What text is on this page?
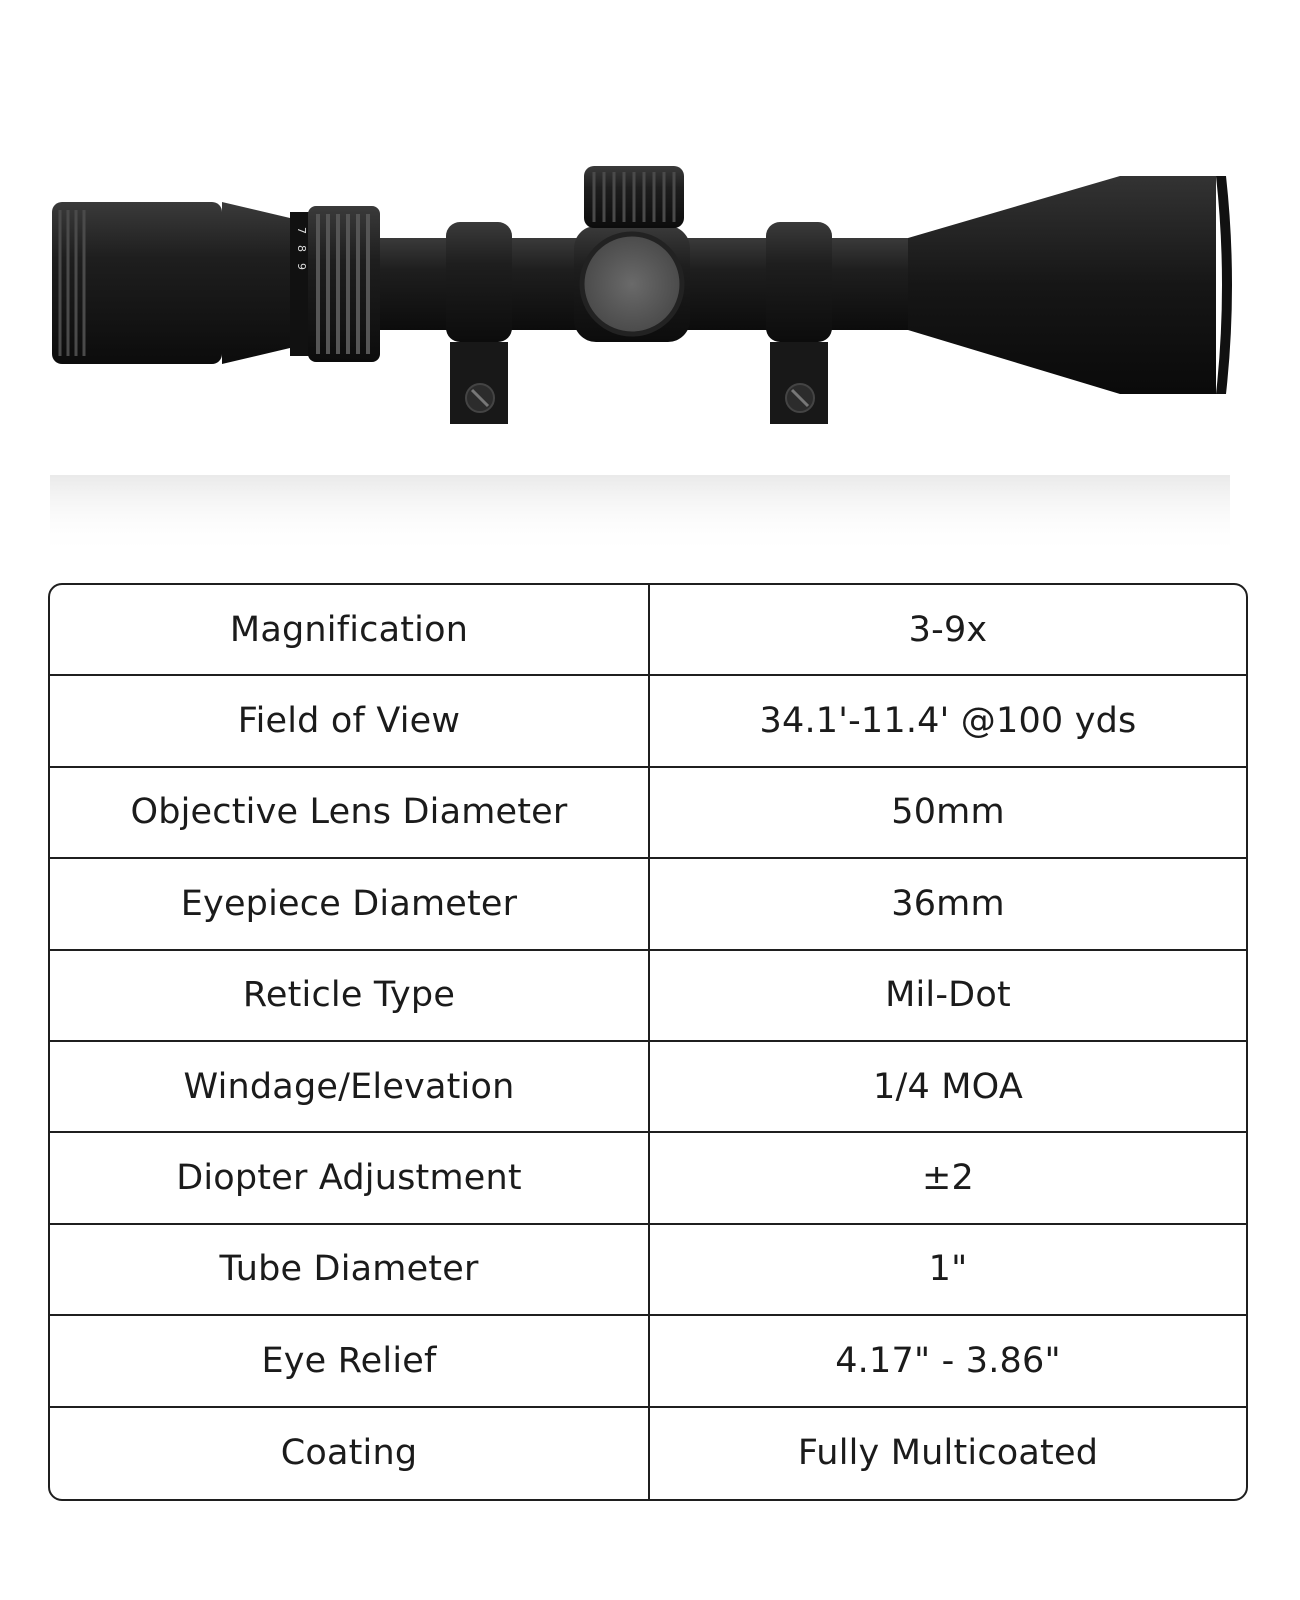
7
8
9
Magnification	3-9x
Field of View	34.1'-11.4' @100 yds
Objective Lens Diameter	50mm
Eyepiece Diameter	36mm
Reticle Type	Mil-Dot
Windage/Elevation	1/4 MOA
Diopter Adjustment	±2
Tube Diameter	1"
Eye Relief	4.17" - 3.86"
Coating	Fully Multicoated
